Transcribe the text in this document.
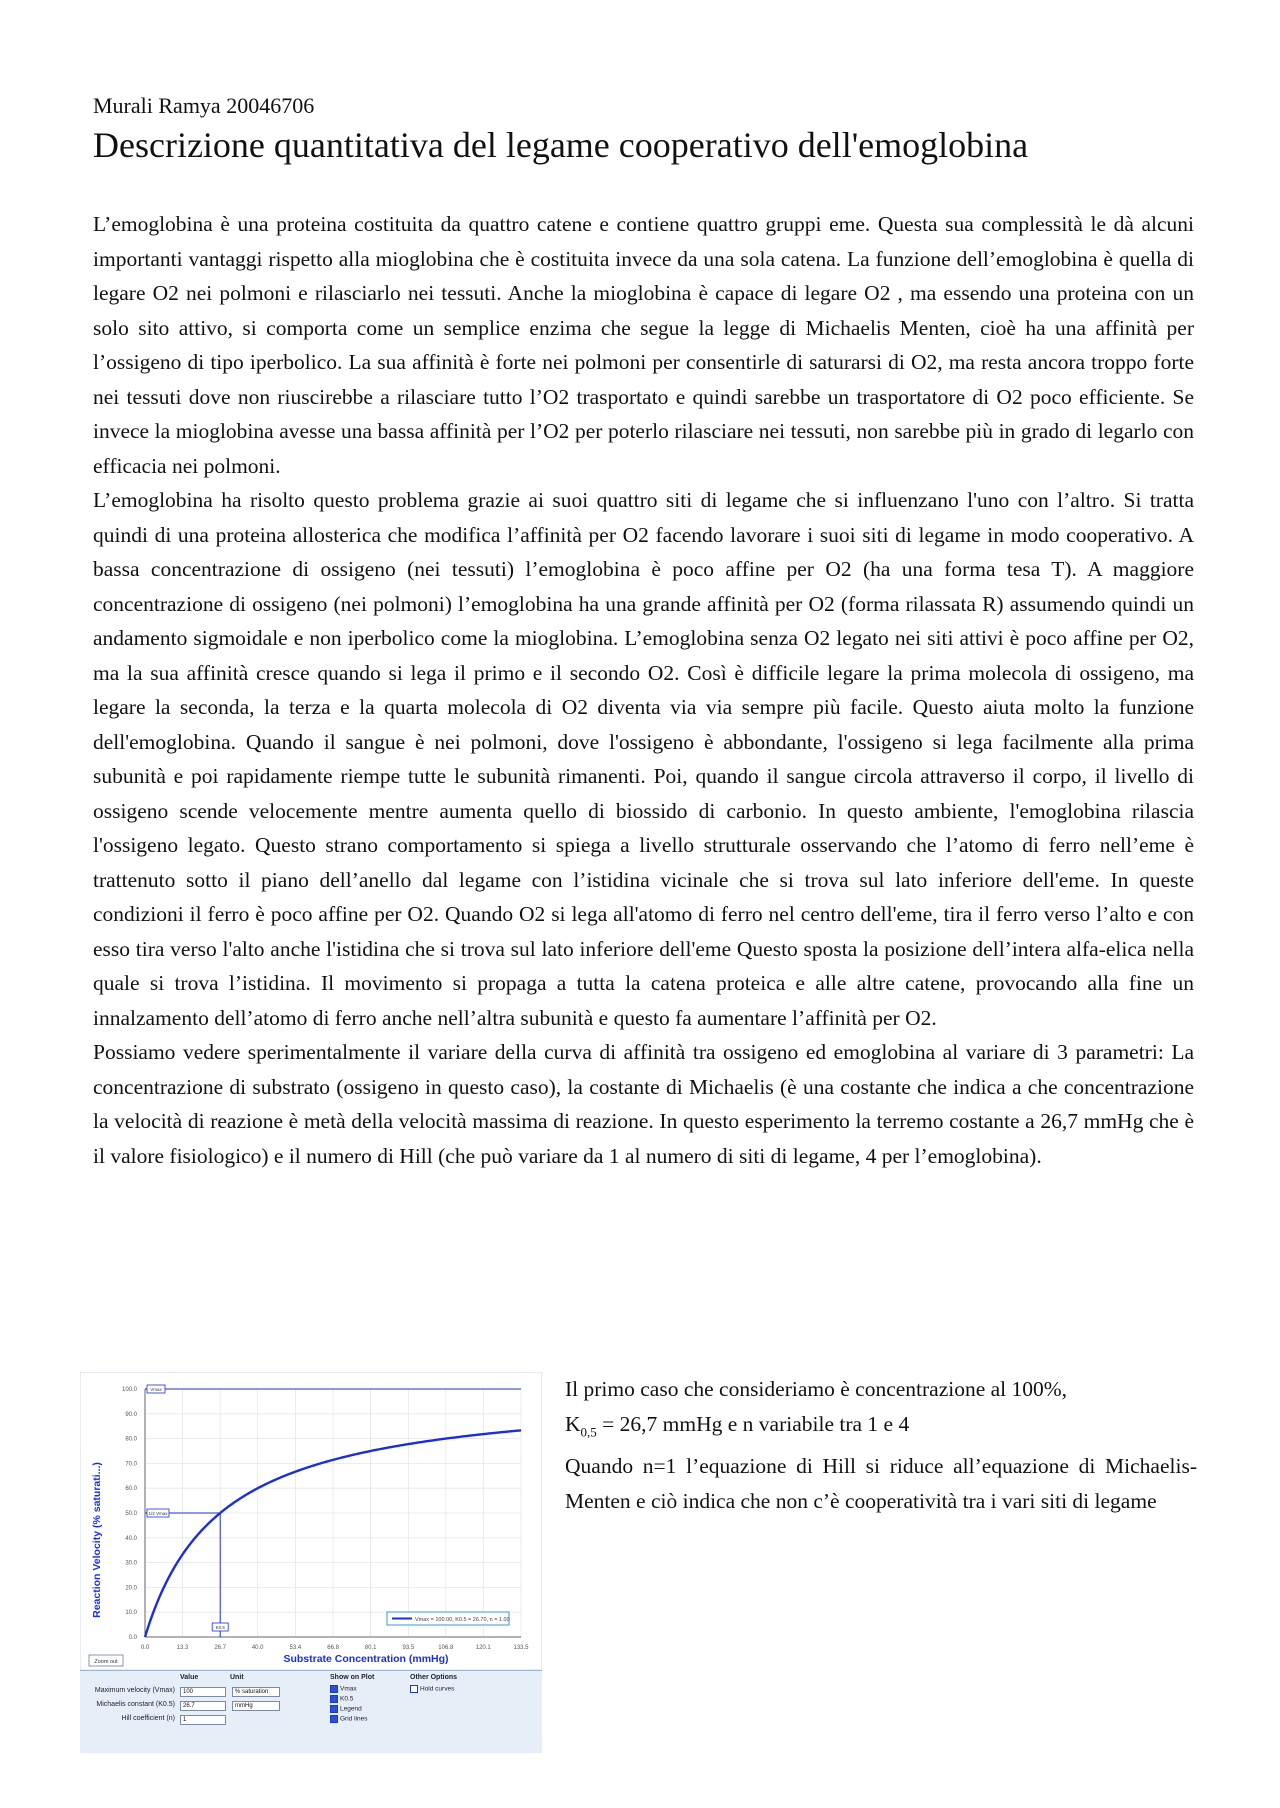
Murali Ramya 20046706
Descrizione quantitativa del legame cooperativo dell'emoglobina

L’emoglobina è una proteina costituita da quattro catene e contiene quattro gruppi eme. Questa sua complessità le dà alcuni importanti vantaggi rispetto alla mioglobina che è costituita invece da una sola catena. La funzione dell’emoglobina è quella di legare O2 nei polmoni e rilasciarlo nei tessuti. Anche la mioglobina è capace di legare O2 , ma essendo una proteina con un solo sito attivo, si comporta come un semplice enzima che segue la legge di Michaelis Menten, cioè ha una affinità per l’ossigeno di tipo iperbolico. La sua affinità è forte nei polmoni per consentirle di saturarsi di O2, ma resta ancora troppo forte nei tessuti dove non riuscirebbe a rilasciare tutto l’O2 trasportato e quindi sarebbe un trasportatore di O2 poco efficiente. Se invece la mioglobina avesse una bassa affinità per l’O2 per poterlo rilasciare nei tessuti, non sarebbe più in grado di legarlo con efficacia nei polmoni.

L’emoglobina ha risolto questo problema grazie ai suoi quattro siti di legame che si influenzano l'uno con l’altro. Si tratta quindi di una proteina allosterica che modifica l’affinità per O2 facendo lavorare i suoi siti di legame in modo cooperativo. A bassa concentrazione di ossigeno (nei tessuti) l’emoglobina è poco affine per O2 (ha una forma tesa T). A maggiore concentrazione di ossigeno (nei polmoni) l’emoglobina ha una grande affinità per O2 (forma rilassata R) assumendo quindi un andamento sigmoidale e non iperbolico come la mioglobina. L’emoglobina senza O2 legato nei siti attivi è poco affine per O2, ma la sua affinità cresce quando si lega il primo e il secondo O2. Così è difficile legare la prima molecola di ossigeno, ma legare la seconda, la terza e la quarta molecola di O2 diventa via via sempre più facile. Questo aiuta molto la funzione dell'emoglobina. Quando il sangue è nei polmoni, dove l'ossigeno è abbondante, l'ossigeno si lega facilmente alla prima subunità e poi rapidamente riempe tutte le subunità rimanenti. Poi, quando il sangue circola attraverso il corpo, il livello di ossigeno scende velocemente mentre aumenta quello di biossido di carbonio. In questo ambiente, l'emoglobina rilascia l'ossigeno legato. Questo strano comportamento si spiega a livello strutturale osservando che l’atomo di ferro nell’eme è trattenuto sotto il piano dell’anello dal legame con l’istidina vicinale che si trova sul lato inferiore dell'eme. In queste condizioni il ferro è poco affine per O2. Quando O2 si lega all'atomo di ferro nel centro dell'eme, tira il ferro verso l’alto e con esso tira verso l'alto anche l'istidina che si trova sul lato inferiore dell'eme Questo sposta la posizione dell’intera alfa-elica nella quale si trova l’istidina. Il movimento si propaga a tutta la catena proteica e alle altre catene, provocando alla fine un innalzamento dell’atomo di ferro anche nell’altra subunità e questo fa aumentare l’affinità per O2.

Possiamo vedere sperimentalmente il variare della curva di affinità tra ossigeno ed emoglobina al variare di 3 parametri: La concentrazione di substrato (ossigeno in questo caso), la costante di Michaelis (è una costante che indica a che concentrazione la velocità di reazione è metà della velocità massima di reazione. In questo esperimento la terremo costante a 26,7 mmHg che è il valore fisiologico) e il numero di Hill (che può variare da 1 al numero di siti di legame, 4 per l’emoglobina).

0.0	13.3	26.7	40.0	53.4	66.8	80.1	93.5	106.8	120.1	133.5
0.0
10.0
20.0
30.0
40.0
50.0
60.0
70.0
80.0
90.0
100.0	Vmax
1/2 Vmax
K0.5
Reaction Velocity (% saturati...)
Substrate Concentration (mmHg)
Zoom out
Vmax = 100.00, K0.5 = 26.70, n = 1.00
Value	Unit	Show on Plot	Other Options
Maximum velocity (Vmax)	100	% saturation
Michaelis constant (K0.5)	26.7	mmHg
Hill coefficient (n)	1
Vmax
K0.5
Legend
Grid lines
Hold curves

Il primo caso che consideriamo è concentrazione al 100%,

$K_{0,5} = 26,7$ mmHg e n variabile tra 1 e 4

Quando n=1 l’equazione di Hill si riduce all’equazione di Michaelis-Menten e ciò indica che non c’è cooperatività tra i vari siti di legame
